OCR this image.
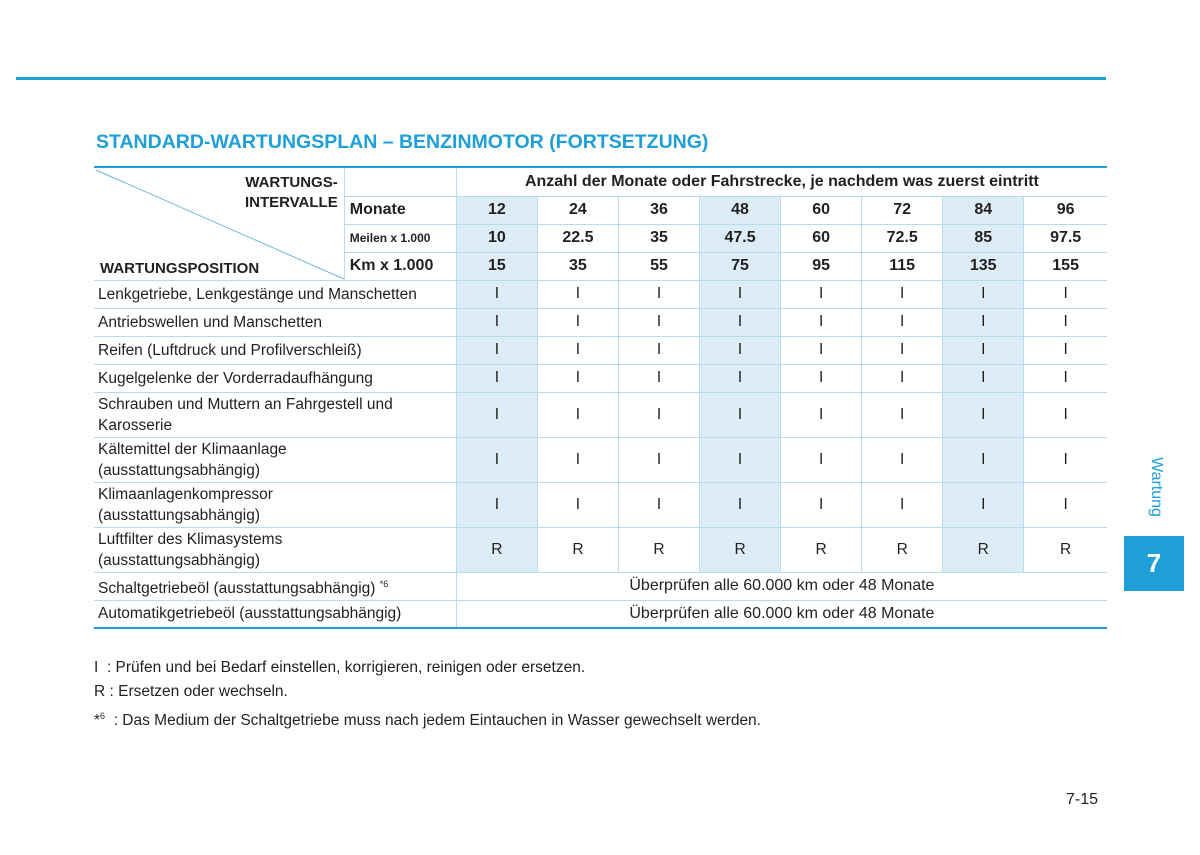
STANDARD-WARTUNGSPLAN – BENZINMOTOR (FORTSETZUNG)
WARTUNGS-
INTERVALLE
WARTUNGSPOSITION		Anzahl der Monate oder Fahrstrecke, je nachdem was zuerst eintritt							
	Monate	12	24	36	48	60	72	84	96
	Meilen x 1.000	10	22.5	35	47.5	60	72.5	85	97.5
	Km x 1.000	15	35	55	75	95	115	135	155
Lenkgetriebe, Lenkgestänge und Manschetten		I	I	I	I	I	I	I	I
Antriebswellen und Manschetten		I	I	I	I	I	I	I	I
Reifen (Luftdruck und Profilverschleiß)		I	I	I	I	I	I	I	I
Kugelgelenke der Vorderradaufhängung		I	I	I	I	I	I	I	I

Schrauben und Muttern an Fahrgestell und
Karosserie		I	I	I	I	I	I	I	I

Kältemittel der Klimaanlage
(ausstattungsabhängig)		I	I	I	I	I	I	I	I

Klimaanlagenkompressor
(ausstattungsabhängig)		I	I	I	I	I	I	I	I

Luftfilter des Klimasystems
(ausstattungsabhängig)		R	R	R	R	R	R	R	R
Schaltgetriebeöl (ausstattungsabhängig) $^{*6}$		Überprüfen alle 60.000 km oder 48 Monate							
Automatikgetriebeöl (ausstattungsabhängig)		Überprüfen alle 60.000 km oder 48 Monate							

I : Prüfen und bei Bedarf einstellen, korrigieren, reinigen oder ersetzen.

R : Ersetzen oder wechseln.

*$^6$ : Das Medium der Schaltgetriebe muss nach jedem Eintauchen in Wasser gewechselt werden.

7-15
Wartung
7
